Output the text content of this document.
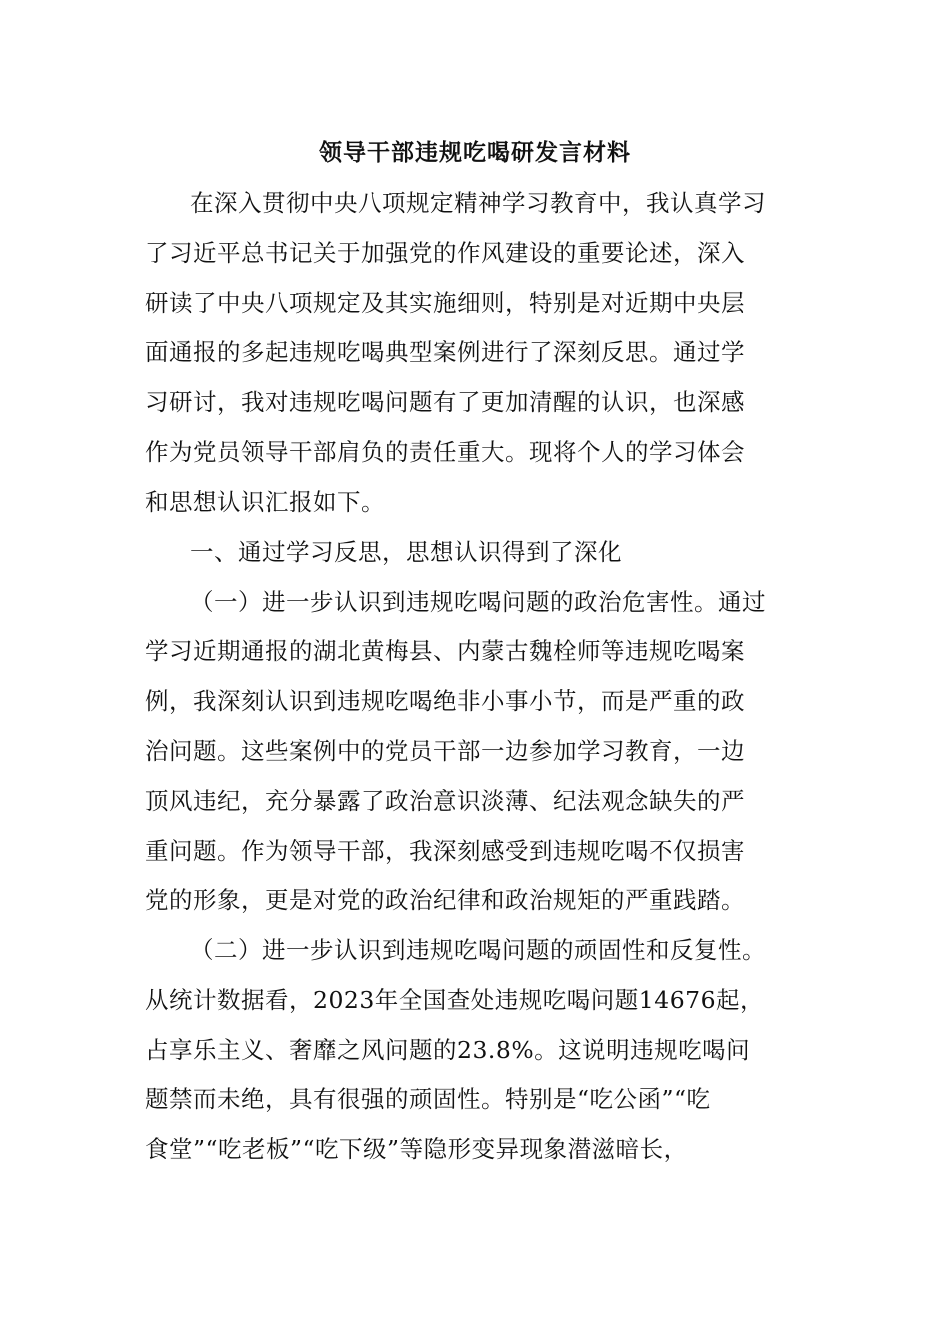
领导干部违规吃喝研发言材料
在深入贯彻中央八项规定精神学习教育中，我认真学习
了习近平总书记关于加强党的作风建设的重要论述，深入
研读了中央八项规定及其实施细则，特别是对近期中央层
面通报的多起违规吃喝典型案例进行了深刻反思。通过学
习研讨，我对违规吃喝问题有了更加清醒的认识，也深感
作为党员领导干部肩负的责任重大。现将个人的学习体会
和思想认识汇报如下。
一、通过学习反思，思想认识得到了深化
（一）进一步认识到违规吃喝问题的政治危害性。通过
学习近期通报的湖北黄梅县、内蒙古魏栓师等违规吃喝案
例，我深刻认识到违规吃喝绝非小事小节，而是严重的政
治问题。这些案例中的党员干部一边参加学习教育，一边
顶风违纪，充分暴露了政治意识淡薄、纪法观念缺失的严
重问题。作为领导干部，我深刻感受到违规吃喝不仅损害
党的形象，更是对党的政治纪律和政治规矩的严重践踏。
（二）进一步认识到违规吃喝问题的顽固性和反复性。
从统计数据看，2023年全国查处违规吃喝问题14676起，
占享乐主义、奢靡之风问题的23.8%。这说明违规吃喝问
题禁而未绝，具有很强的顽固性。特别是“吃公函”“吃
食堂”“吃老板”“吃下级”等隐形变异现象潜滋暗长，
